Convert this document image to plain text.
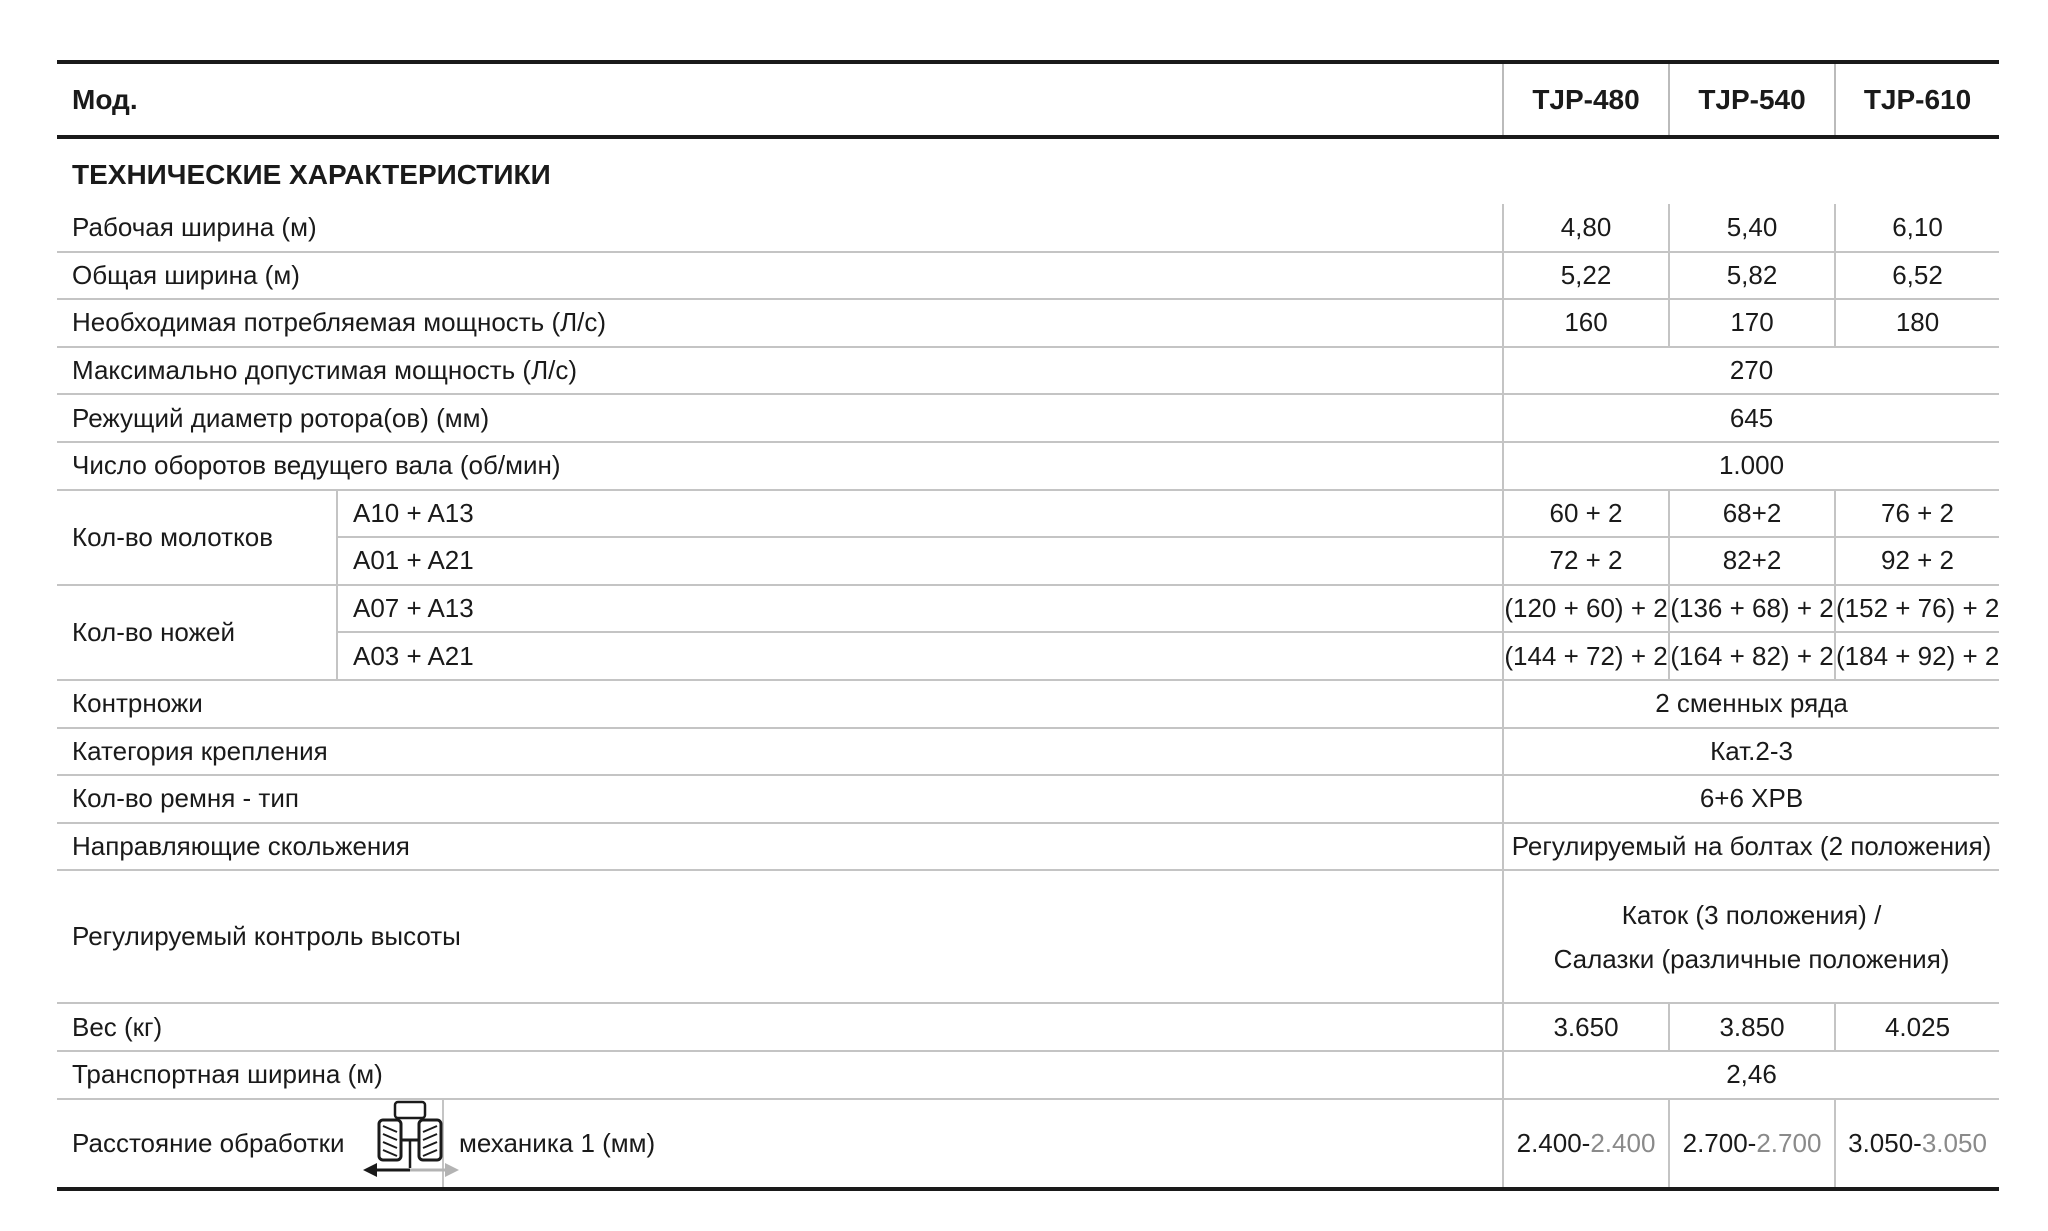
Мод.			TJP-480	TJP-540	TJP-610
ТЕХНИЧЕСКИЕ ХАРАКТЕРИСТИКИ					
Рабочая ширина (м)			4,80	5,40	6,10
Общая ширина (м)			5,22	5,82	6,52
Необходимая потребляемая мощность (Л/с)			160	170	180
Максимально допустимая мощность (Л/с)			270		
Режущий диаметр ротора(ов) (мм)			645		
Число оборотов ведущего вала (об/мин)			1.000		
Кол-во молотков	A10 + A13		60 + 2	68+2	76 + 2
	A01 + A21		72 + 2	82+2	92 + 2
Кол-во ножей	A07 + A13		(120 + 60) + 2	(136 + 68) + 2	(152 + 76) + 2
	A03 + A21		(144 + 72) + 2	(164 + 82) + 2	(184 + 92) + 2
Контрножи			2 сменных ряда		
Категория крепления			Кат.2-3		
Кол-во ремня - тип			6+6 XPB		
Направляющие скольжения			Регулируемый на болтах (2 положения)		
Регулируемый контроль высоты			Каток (3 положения) /
Салазки (различные положения)		

Вес (кг)			3.650	3.850	4.025
Транспортная ширина (м)			2,46		

Расстояние обработки		механика 1 (мм)	2.400-2.400	2.700-2.700	3.050-3.050
